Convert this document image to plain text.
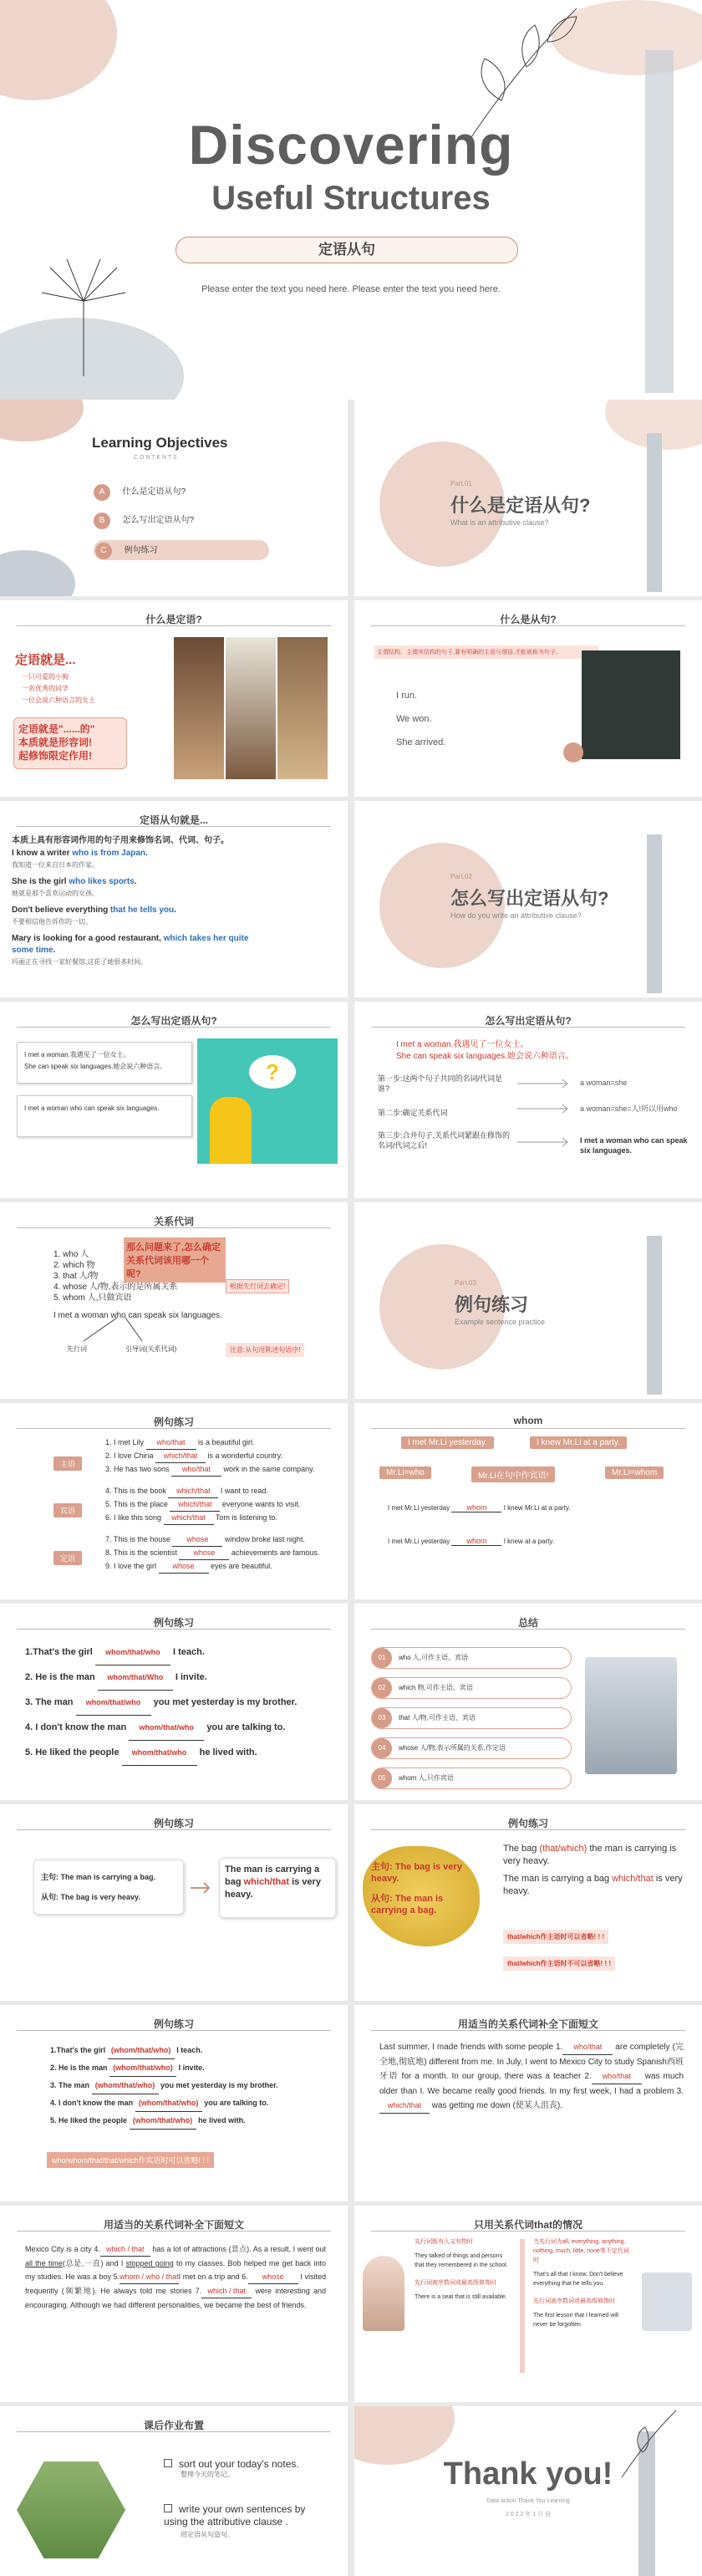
Discovering
Useful Structures
定语从句
Please enter the text you need here. Please enter the text you need here.
Learning Objectives
C O N T E N T S
A 什么是定语从句?
B 怎么写出定语从句?
C 例句练习
Part.01
什么是定语从句?
What is an attributive clause?
什么是定语?
定语就是...
一只可爱的小狗
一名优秀的同学
一位会说六种语言的女士
定语就是"......的"
本质就是形容词!
起修饰限定作用!
什么是从句?
主谓结构、主谓宾结构的句子,要有明确的主语与谓语,才能被称为句子。
I run.
We won.
She arrived.
定语从句就是...
本质上具有形容词作用的句子用来修饰名词、代词、句子。
I know a writer who is from Japan.
我知道一位来自日本的作家。
She is the girl who likes sports.
她就是那个喜欢运动的女孩。
Don't believe everything that he tells you.
不要相信他告诉你的一切。
Mary is looking for a good restaurant, which takes her quite some time.
玛丽正在寻找一家好餐馆,这花了她很多时间。
Part.02
怎么写出定语从句?
How do you write an attributive clause?
怎么写出定语从句?
I met a woman.我遇见了一位女士。
She can speak six languages.她会说六种语言。
I met a woman who can speak six languages.
?
怎么写出定语从句?
I met a woman.我遇见了一位女士。
She can speak six languages.她会说六种语言。
第一步:这两个句子共同的名词/代词是谁?
a woman=she
第二步:确定关系代词	a woman=she=人!所以用who
第三步:合并句子,关系代词紧跟在修饰的名词/代词之后!
I met a woman who can speak six languages.
关系代词
1. who 人
2. which 物
3. that 人/物
4. whose 人/物,表示的是所属关系
5. whom 人,只做宾语
那么问题来了,怎么确定关系代词该用哪一个呢?
根据先行词去确定!
I met a woman who can speak six languages.
先行词	引导词(关系代词)	注意:从句用陈述句语序!
Part.03
例句练习
Example sentence practice
例句练习
主语
宾语
定语
1. I met Lily who/that is a beautiful girl.
2. I love China which/that is a wonderful country.
3. He has two sons who/that work in the same company.
4. This is the book which/that I want to read.
5. This is the place which/that everyone wants to visit.
6. I like this song which/that Tom is listening to.
7. This is the house whose window broke last night.
8. This is the scientist whose achievements are famous.
9. I love the girl whose eyes are beautiful.
whom
I met Mr.Li yesterday.	I knew Mr.Li at a party.
Mr.Li=who	Mr.Li在句中作宾语!	Mr.Li=whom
I met Mr.Li yesterday whom I knew Mr.Li at a party.
I met Mr.Li yesterday whom I knew at a party.
例句练习
1.That's the girl whom/that/who I teach.
2. He is the man whom/that/Who I invite.
3. The man whom/that/who you met yesterday is my brother.
4. I don't know the man whom/that/who you are talking to.
5. He liked the people whom/that/who he lived with.
总结
01 who 人,可作主语、宾语
02 which 物,可作主语、宾语
03 that 人/物,可作主语、宾语
04 whose 人/物,表示所属的关系,作定语
05 whom 人,只作宾语
例句练习
主句: The man is carrying a bag.
从句: The bag is very heavy.
The man is carrying a bag which/that is very heavy.
例句练习
主句: The bag is very heavy.
从句: The man is carrying a bag.
The bag (that/which) the man is carrying is very heavy.
The man is carrying a bag which/that is very heavy.
that/which作主语时可以省略! ! !
that/which作主语时不可以省略! ! !
例句练习
1.That's the girl (whom/that/who) I teach.
2. He is the man (whom/that/who) I invite.
3. The man (whom/that/who) you met yesterday is my brother.
4. I don't know the man (whom/that/who) you are talking to.
5. He liked the people (whom/that/who) he lived with.
who/whom/that/that/which作宾语时可以省略! ! !
用适当的关系代词补全下面短文
Last summer, I made friends with some people 1. who/that are completely (完全地,彻底地) different from me. In July, I went to Mexico City to study Spanish西班牙语 for a month. In our group, there was a teacher 2. who/that was much older than I. We became really good friends. In my first week, I had a problem 3.which/that was getting me down (使某人沮丧).
用适当的关系代词补全下面短文
Mexico City is a city 4. which / that has a lot of attractions (景点). As a result, I went out all the time(总是,一直) and I stopped going to my classes. Bob helped me get back into my studies. He was a boy 5.whom / who / thatI met on a trip and 6. whose I visited frequently (频繁地). He always told me stories 7. which / that were interesting and encouraging. Although we had different personalities, we became the best of friends.
只用关系代词that的情况
先行词既有人又有物时
They talked of things and persons that they remembered in the school.
先行词被序数词或最高级修饰时
There is a seat that is still available.
当先行词为all, everything, anything, nothing, much, little, none等不定代词时
That's all that I know. Don't believe everything that he tells you.
先行词被序数词或最高级修饰时
The first lesson that I learned will never be forgotten.
课后作业布置
sort out your today's notes.
整理今天的笔记。
write your own sentences by using the attributive clause .
用定语从句造句。
Thank you!
Data action Thank You Learning
2 0 2 2 年 1 月 份
